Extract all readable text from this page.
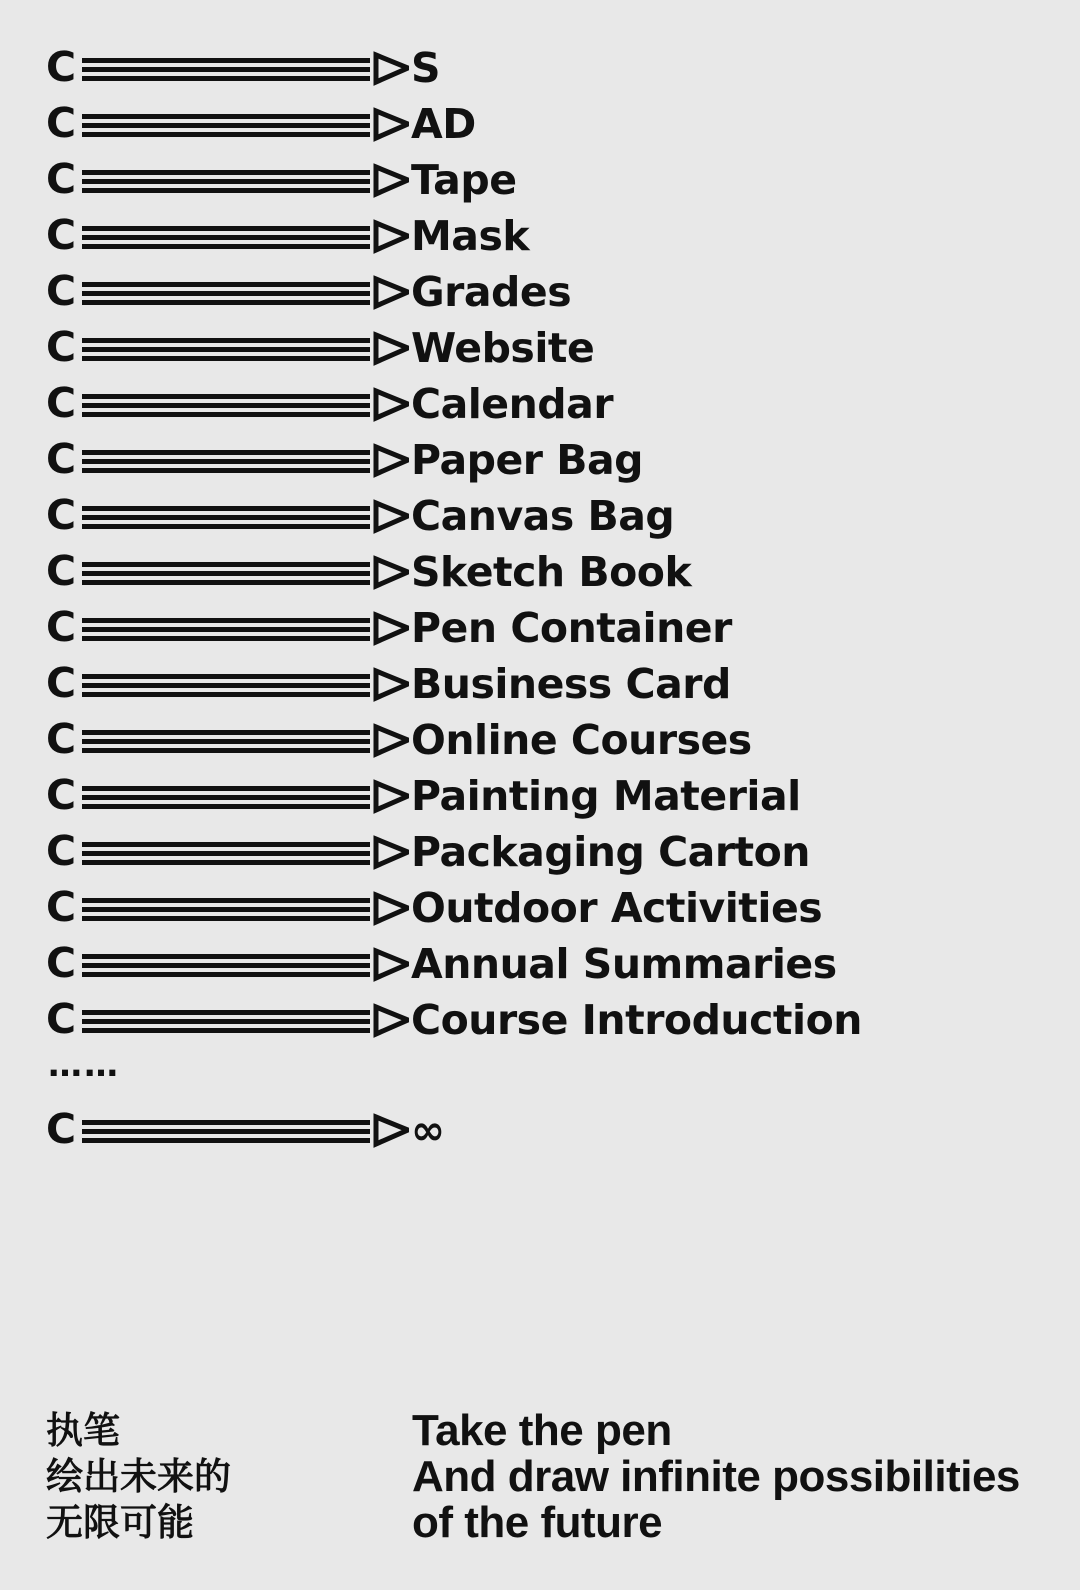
C	S
C	AD
C	Tape
C	Mask
C	Grades
C	Website
C	Calendar
C	Paper Bag
C	Canvas Bag
C	Sketch Book
C	Pen Container
C	Business Card
C	Online Courses
C	Painting Material
C	Packaging Carton
C	Outdoor Activities
C	Annual Summaries
C	Course Introduction
……
C	∞
执笔
绘出未来的
无限可能
Take the pen
And draw infinite possibilities
of the future
